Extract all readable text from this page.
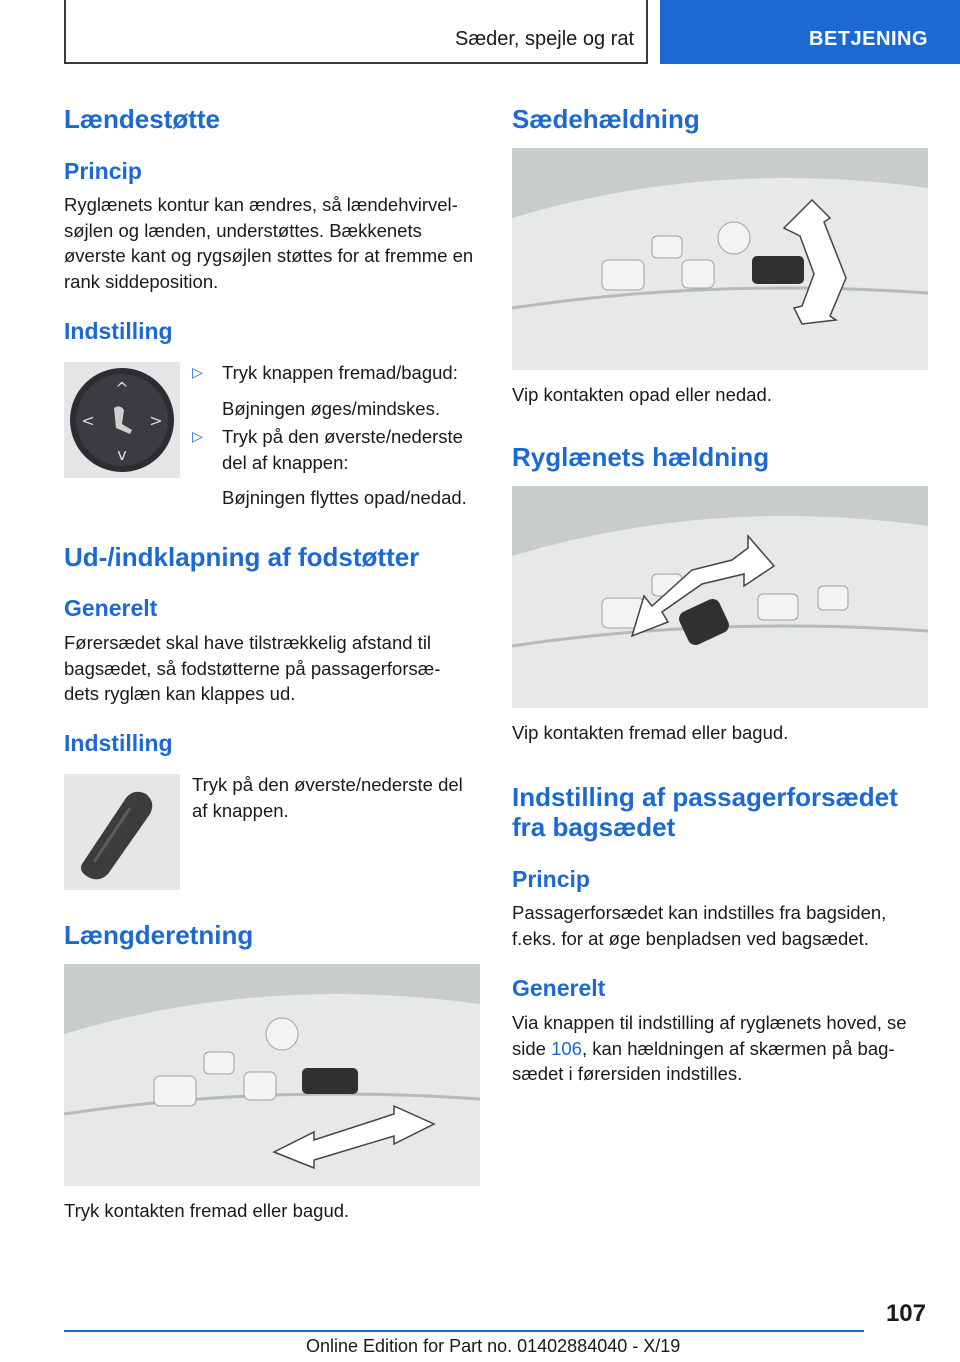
Sæder, spejle og rat	BETJENING
Lændestøtte
Princip
Ryglænets kontur kan ændres, så lændehvirvel-søjlen og lænden, understøttes. Bækkenets øverste kant og rygsøjlen støttes for at fremme en rank siddeposition.
Indstilling
^
v
<	>
▷ Tryk knappen fremad/bagud:
Bøjningen øges/mindskes.
▷ Tryk på den øverste/nederste del af knappen:
Bøjningen flyttes opad/nedad.
Ud-/indklapning af fodstøtter
Generelt
Førersædet skal have tilstrækkelig afstand til bagsædet, så fodstøtterne på passagerforsæ-dets ryglæn kan klappes ud.
Indstilling
Tryk på den øverste/nederste del af knappen.
Længderetning
Tryk kontakten fremad eller bagud.
Sædehældning
Vip kontakten opad eller nedad.
Ryglænets hældning
Vip kontakten fremad eller bagud.
Indstilling af passagerforsædet
fra bagsædet
Princip
Passagerforsædet kan indstilles fra bagsiden, f.eks. for at øge benpladsen ved bagsædet.
Generelt
Via knappen til indstilling af ryglænets hoved, se side 106, kan hældningen af skærmen på bag-sædet i førersiden indstilles.
107
Online Edition for Part no. 01402884040 - X/19
